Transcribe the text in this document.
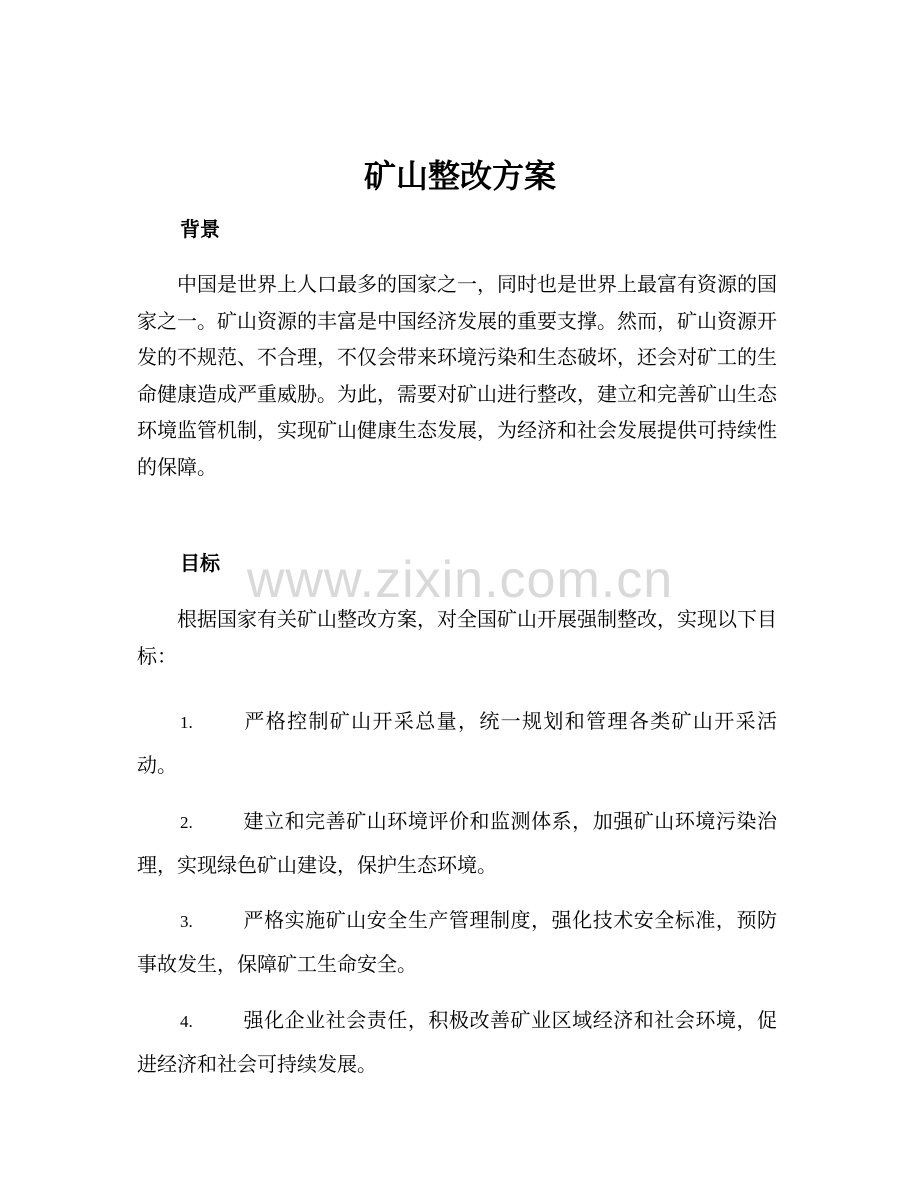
矿山整改方案
背景
中国是世界上人口最多的国家之一，同时也是世界上最富有资源的国家之一。矿山资源的丰富是中国经济发展的重要支撑。然而，矿山资源开发的不规范、不合理，不仅会带来环境污染和生态破坏，还会对矿工的生命健康造成严重威胁。为此，需要对矿山进行整改，建立和完善矿山生态环境监管机制，实现矿山健康生态发展，为经济和社会发展提供可持续性的保障。
目标
根据国家有关矿山整改方案，对全国矿山开展强制整改，实现以下目标：
1.	严格控制矿山开采总量，统一规划和管理各类矿山开采活动。
2.	建立和完善矿山环境评价和监测体系，加强矿山环境污染治理，实现绿色矿山建设，保护生态环境。
3.	严格实施矿山安全生产管理制度，强化技术安全标准，预防事故发生，保障矿工生命安全。
4.	强化企业社会责任，积极改善矿业区域经济和社会环境，促进经济和社会可持续发展。
www.zixin.com.cn
